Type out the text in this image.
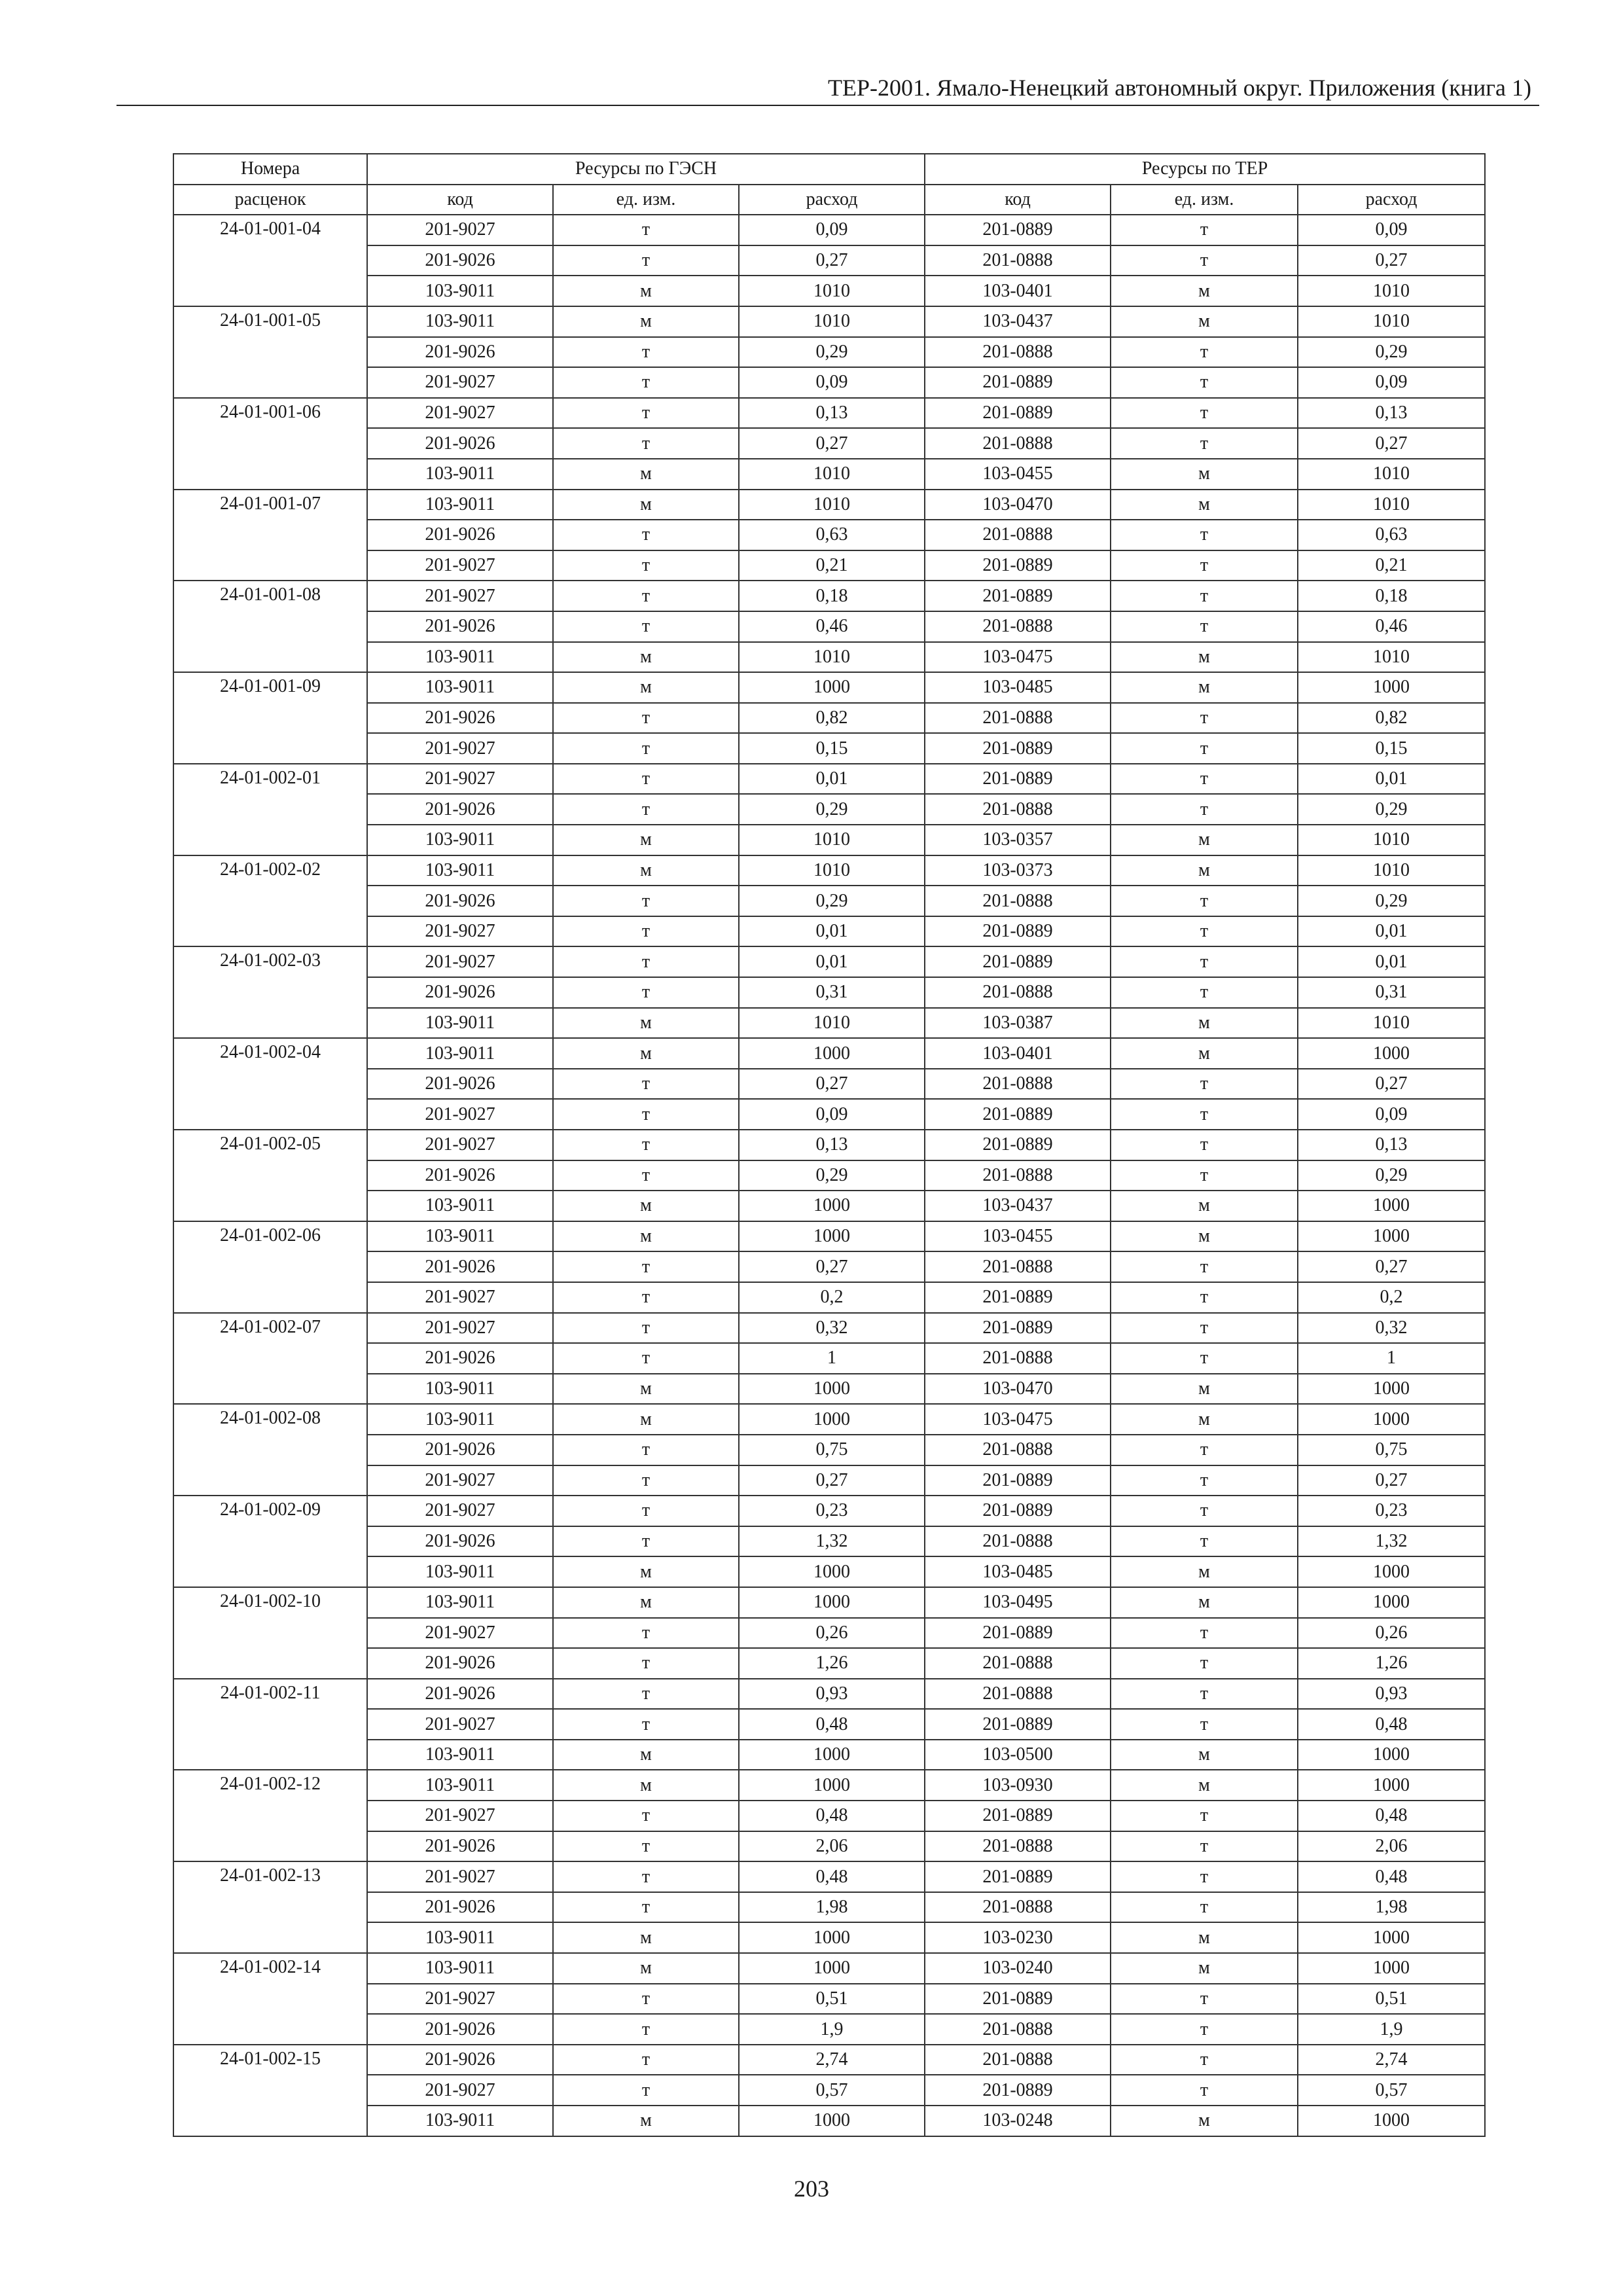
ТЕР-2001. Ямало-Ненецкий автономный округ. Приложения (книга 1)
Номера	Ресурсы по ГЭСН			Ресурсы по ТЕР		
расценок	код	ед. изм.	расход	код	ед. изм.	расход
24-01-001-04	201-9027	т	0,09	201-0889	т	0,09
	201-9026	т	0,27	201-0888	т	0,27
	103-9011	м	1010	103-0401	м	1010
24-01-001-05	103-9011	м	1010	103-0437	м	1010
	201-9026	т	0,29	201-0888	т	0,29
	201-9027	т	0,09	201-0889	т	0,09
24-01-001-06	201-9027	т	0,13	201-0889	т	0,13
	201-9026	т	0,27	201-0888	т	0,27
	103-9011	м	1010	103-0455	м	1010
24-01-001-07	103-9011	м	1010	103-0470	м	1010
	201-9026	т	0,63	201-0888	т	0,63
	201-9027	т	0,21	201-0889	т	0,21
24-01-001-08	201-9027	т	0,18	201-0889	т	0,18
	201-9026	т	0,46	201-0888	т	0,46
	103-9011	м	1010	103-0475	м	1010
24-01-001-09	103-9011	м	1000	103-0485	м	1000
	201-9026	т	0,82	201-0888	т	0,82
	201-9027	т	0,15	201-0889	т	0,15
24-01-002-01	201-9027	т	0,01	201-0889	т	0,01
	201-9026	т	0,29	201-0888	т	0,29
	103-9011	м	1010	103-0357	м	1010
24-01-002-02	103-9011	м	1010	103-0373	м	1010
	201-9026	т	0,29	201-0888	т	0,29
	201-9027	т	0,01	201-0889	т	0,01
24-01-002-03	201-9027	т	0,01	201-0889	т	0,01
	201-9026	т	0,31	201-0888	т	0,31
	103-9011	м	1010	103-0387	м	1010
24-01-002-04	103-9011	м	1000	103-0401	м	1000
	201-9026	т	0,27	201-0888	т	0,27
	201-9027	т	0,09	201-0889	т	0,09
24-01-002-05	201-9027	т	0,13	201-0889	т	0,13
	201-9026	т	0,29	201-0888	т	0,29
	103-9011	м	1000	103-0437	м	1000
24-01-002-06	103-9011	м	1000	103-0455	м	1000
	201-9026	т	0,27	201-0888	т	0,27
	201-9027	т	0,2	201-0889	т	0,2
24-01-002-07	201-9027	т	0,32	201-0889	т	0,32
	201-9026	т	1	201-0888	т	1
	103-9011	м	1000	103-0470	м	1000
24-01-002-08	103-9011	м	1000	103-0475	м	1000
	201-9026	т	0,75	201-0888	т	0,75
	201-9027	т	0,27	201-0889	т	0,27
24-01-002-09	201-9027	т	0,23	201-0889	т	0,23
	201-9026	т	1,32	201-0888	т	1,32
	103-9011	м	1000	103-0485	м	1000
24-01-002-10	103-9011	м	1000	103-0495	м	1000
	201-9027	т	0,26	201-0889	т	0,26
	201-9026	т	1,26	201-0888	т	1,26
24-01-002-11	201-9026	т	0,93	201-0888	т	0,93
	201-9027	т	0,48	201-0889	т	0,48
	103-9011	м	1000	103-0500	м	1000
24-01-002-12	103-9011	м	1000	103-0930	м	1000
	201-9027	т	0,48	201-0889	т	0,48
	201-9026	т	2,06	201-0888	т	2,06
24-01-002-13	201-9027	т	0,48	201-0889	т	0,48
	201-9026	т	1,98	201-0888	т	1,98
	103-9011	м	1000	103-0230	м	1000
24-01-002-14	103-9011	м	1000	103-0240	м	1000
	201-9027	т	0,51	201-0889	т	0,51
	201-9026	т	1,9	201-0888	т	1,9
24-01-002-15	201-9026	т	2,74	201-0888	т	2,74
	201-9027	т	0,57	201-0889	т	0,57
	103-9011	м	1000	103-0248	м	1000
203
